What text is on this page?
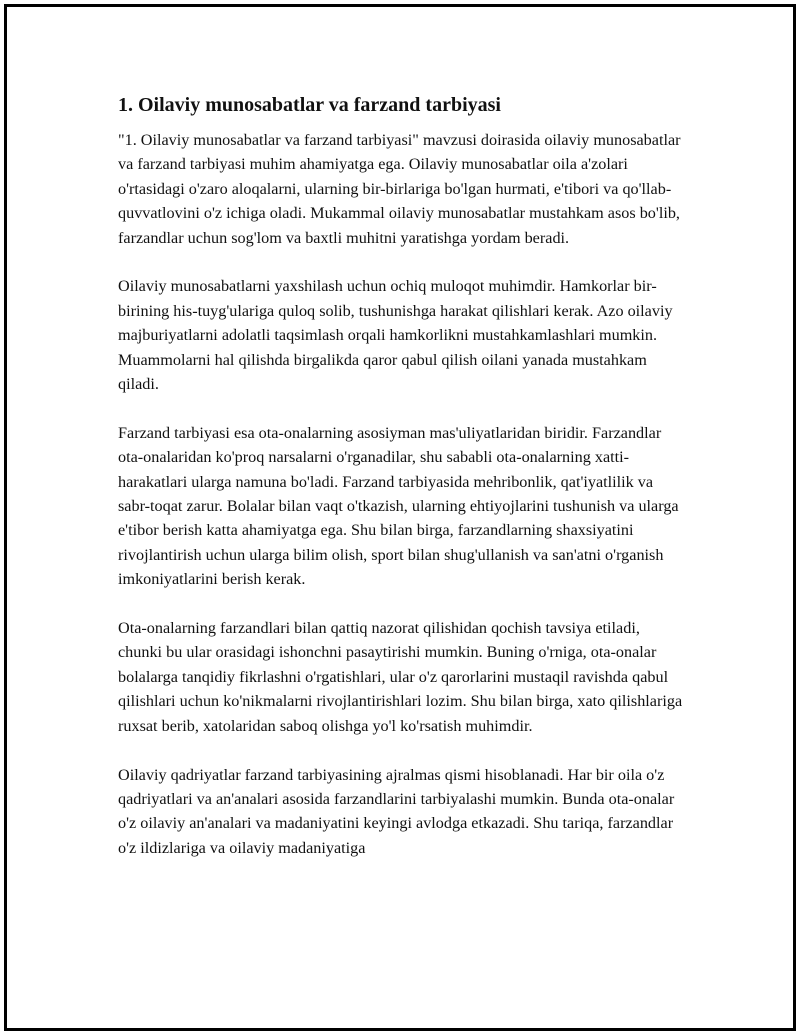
1. Oilaviy munosabatlar va farzand tarbiyasi

"1. Oilaviy munosabatlar va farzand tarbiyasi" mavzusi doirasida oilaviy munosabatlar va farzand tarbiyasi muhim ahamiyatga ega. Oilaviy munosabatlar oila a'zolari o'rtasidagi o'zaro aloqalarni, ularning bir-birlariga bo'lgan hurmati, e'tibori va qo'llab-quvvatlovini o'z ichiga oladi. Mukammal oilaviy munosabatlar mustahkam asos bo'lib, farzandlar uchun sog'lom va baxtli muhitni yaratishga yordam beradi.

Oilaviy munosabatlarni yaxshilash uchun ochiq muloqot muhimdir. Hamkorlar bir-birining his-tuyg'ulariga quloq solib, tushunishga harakat qilishlari kerak. Azo oilaviy majburiyatlarni adolatli taqsimlash orqali hamkorlikni mustahkamlashlari mumkin. Muammolarni hal qilishda birgalikda qaror qabul qilish oilani yanada mustahkam qiladi.

Farzand tarbiyasi esa ota-onalarning asosiyman mas'uliyatlaridan biridir. Farzandlar ota-onalaridan ko'proq narsalarni o'rganadilar, shu sababli ota-onalarning xatti-harakatlari ularga namuna bo'ladi. Farzand tarbiyasida mehribonlik, qat'iyatlilik va sabr-toqat zarur. Bolalar bilan vaqt o'tkazish, ularning ehtiyojlarini tushunish va ularga e'tibor berish katta ahamiyatga ega. Shu bilan birga, farzandlarning shaxsiyatini rivojlantirish uchun ularga bilim olish, sport bilan shug'ullanish va san'atni o'rganish imkoniyatlarini berish kerak.

Ota-onalarning farzandlari bilan qattiq nazorat qilishidan qochish tavsiya etiladi, chunki bu ular orasidagi ishonchni pasaytirishi mumkin. Buning o'rniga, ota-onalar bolalarga tanqidiy fikrlashni o'rgatishlari, ular o'z qarorlarini mustaqil ravishda qabul qilishlari uchun ko'nikmalarni rivojlantirishlari lozim. Shu bilan birga, xato qilishlariga ruxsat berib, xatolaridan saboq olishga yo'l ko'rsatish muhimdir.

Oilaviy qadriyatlar farzand tarbiyasining ajralmas qismi hisoblanadi. Har bir oila o'z qadriyatlari va an'analari asosida farzandlarini tarbiyalashi mumkin. Bunda ota-onalar o'z oilaviy an'analari va madaniyatini keyingi avlodga etkazadi. Shu tariqa, farzandlar o'z ildizlariga va oilaviy madaniyatiga
